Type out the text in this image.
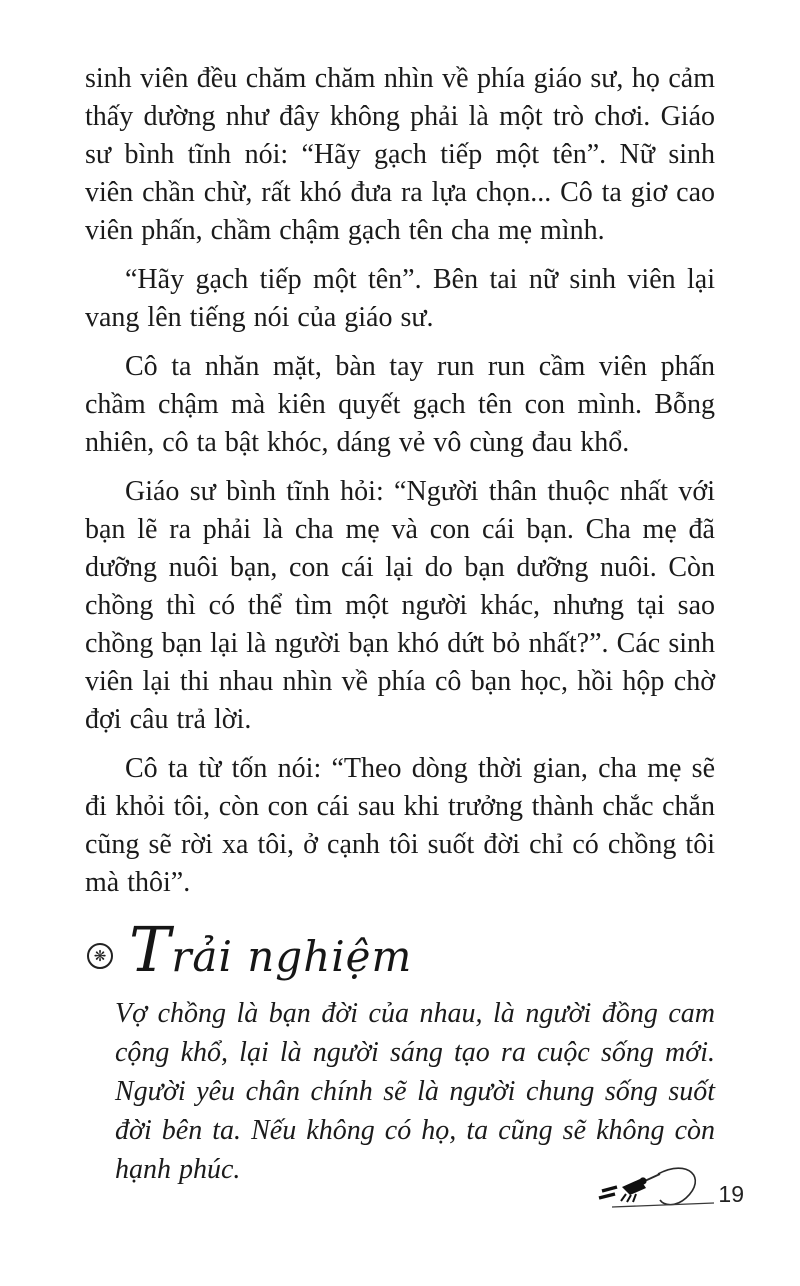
sinh viên đều chăm chăm nhìn về phía giáo sư, họ cảm thấy dường như đây không phải là một trò chơi. Giáo sư bình tĩnh nói: “Hãy gạch tiếp một tên”. Nữ sinh viên chần chừ, rất khó đưa ra lựa chọn... Cô ta giơ cao viên phấn, chầm chậm gạch tên cha mẹ mình.

“Hãy gạch tiếp một tên”. Bên tai nữ sinh viên lại vang lên tiếng nói của giáo sư.

Cô ta nhăn mặt, bàn tay run run cầm viên phấn chầm chậm mà kiên quyết gạch tên con mình. Bỗng nhiên, cô ta bật khóc, dáng vẻ vô cùng đau khổ.

Giáo sư bình tĩnh hỏi: “Người thân thuộc nhất với bạn lẽ ra phải là cha mẹ và con cái bạn. Cha mẹ đã dưỡng nuôi bạn, con cái lại do bạn dưỡng nuôi. Còn chồng thì có thể tìm một người khác, nhưng tại sao chồng bạn lại là người bạn khó dứt bỏ nhất?”. Các sinh viên lại thi nhau nhìn về phía cô bạn học, hồi hộp chờ đợi câu trả lời.

Cô ta từ tốn nói: “Theo dòng thời gian, cha mẹ sẽ đi khỏi tôi, còn con cái sau khi trưởng thành chắc chắn cũng sẽ rời xa tôi, ở cạnh tôi suốt đời chỉ có chồng tôi mà thôi”.

❋ Trải nghiệm

Vợ chồng là bạn đời của nhau, là người đồng cam cộng khổ, lại là người sáng tạo ra cuộc sống mới. Người yêu chân chính sẽ là người chung sống suốt đời bên ta. Nếu không có họ, ta cũng sẽ không còn hạnh phúc.

19
